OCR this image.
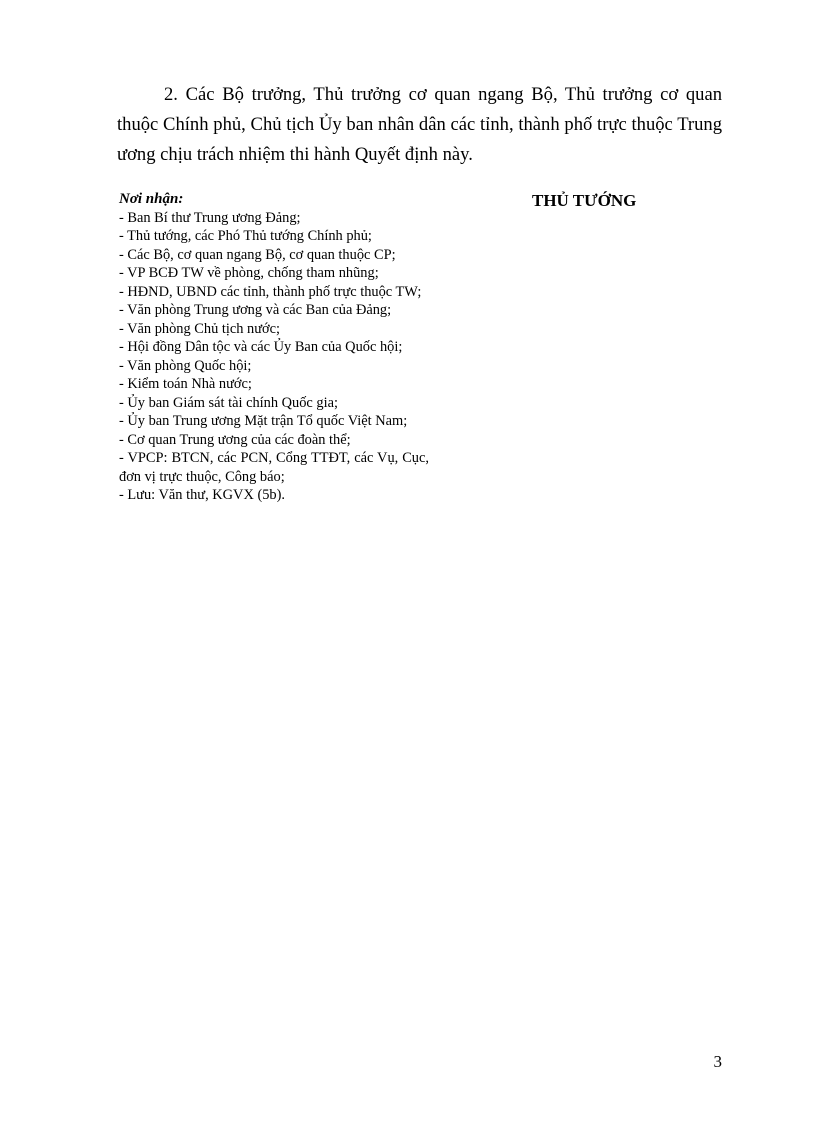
2. Các Bộ trưởng, Thủ trưởng cơ quan ngang Bộ, Thủ trưởng cơ quan thuộc Chính phủ, Chủ tịch Ủy ban nhân dân các tỉnh, thành phố trực thuộc Trung ương chịu trách nhiệm thi hành Quyết định này.

Nơi nhận:

- Ban Bí thư Trung ương Đảng;
- Thủ tướng, các Phó Thủ tướng Chính phủ;
- Các Bộ, cơ quan ngang Bộ, cơ quan thuộc CP;
- VP BCĐ TW về phòng, chống tham nhũng;
- HĐND, UBND các tỉnh, thành phố trực thuộc TW;
- Văn phòng Trung ương và các Ban của Đảng;
- Văn phòng Chủ tịch nước;
- Hội đồng Dân tộc và các Ủy Ban của Quốc hội;
- Văn phòng Quốc hội;
- Kiểm toán Nhà nước;
- Ủy ban Giám sát tài chính Quốc gia;
- Ủy ban Trung ương Mặt trận Tổ quốc Việt Nam;
- Cơ quan Trung ương của các đoàn thể;
- VPCP: BTCN, các PCN, Cổng TTĐT, các Vụ, Cục, đơn vị trực thuộc, Công báo;
- Lưu: Văn thư, KGVX (5b).

THỦ TƯỚNG

3
